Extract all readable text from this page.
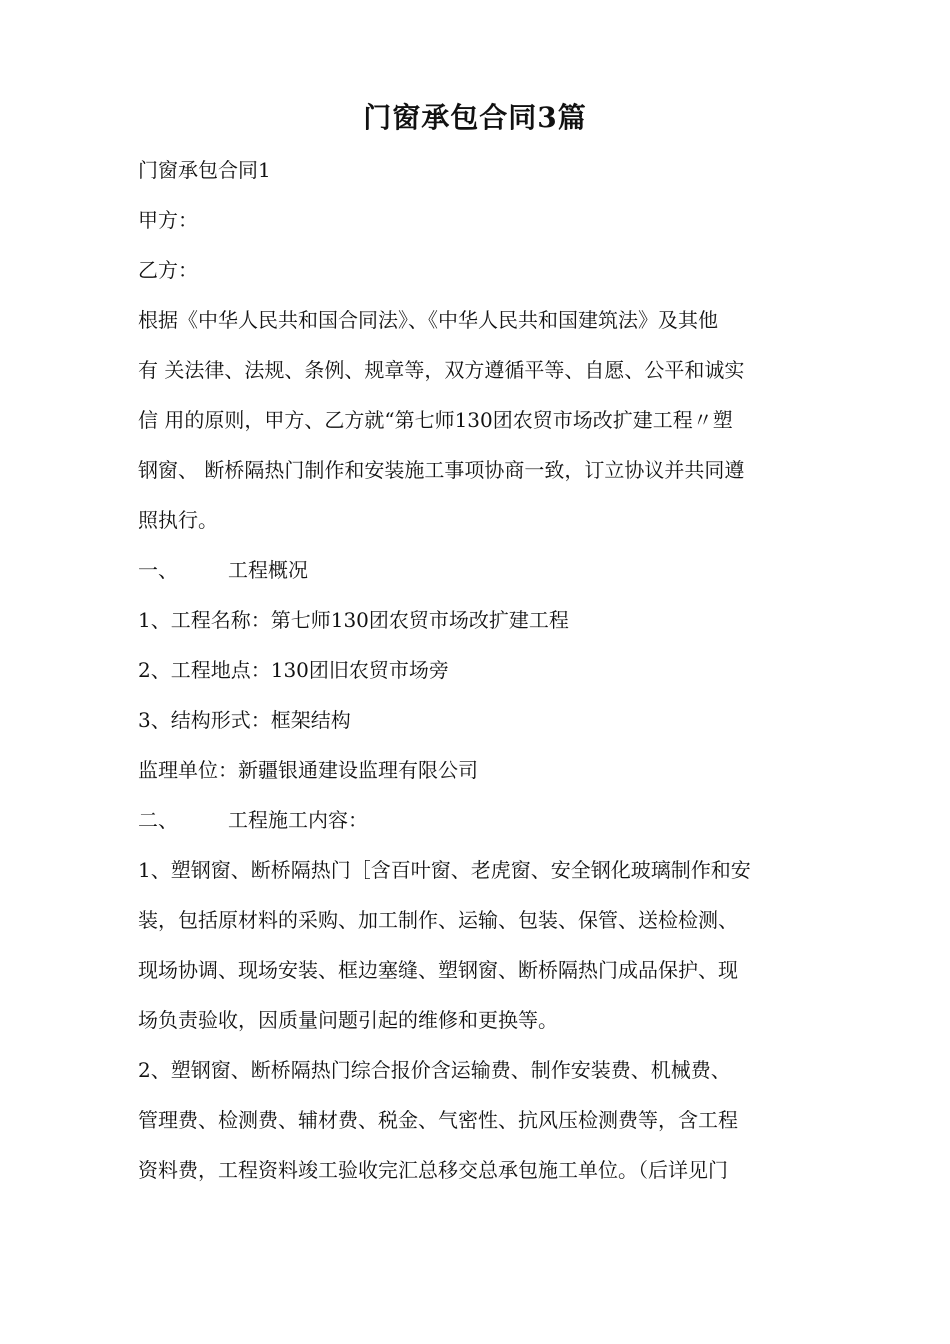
门窗承包合同3篇
门窗承包合同1
甲方：
乙方：
根据《中华人民共和国合同法》、《中华人民共和国建筑法》及其他
有 关法律、法规、条例、规章等，双方遵循平等、自愿、公平和诚实
信 用的原则，甲方、乙方就“第七师130团农贸市场改扩建工程〃塑
钢窗、 断桥隔热门制作和安装施工事项协商一致，订立协议并共同遵
照执行。
一、	工程概况
1、工程名称：第七师130团农贸市场改扩建工程
2、工程地点：130团旧农贸市场旁
3、结构形式：框架结构
监理单位：新疆银通建设监理有限公司
二、	工程施工内容：
1、塑钢窗、断桥隔热门［含百叶窗、老虎窗、安全钢化玻璃制作和安
装，包括原材料的采购、加工制作、运输、包装、保管、送检检测、
现场协调、现场安装、框边塞缝、塑钢窗、断桥隔热门成品保护、现
场负责验收，因质量问题引起的维修和更换等。
2、塑钢窗、断桥隔热门综合报价含运输费、制作安装费、机械费、
管理费、检测费、辅材费、税金、气密性、抗风压检测费等，含工程
资料费，工程资料竣工验收完汇总移交总承包施工单位。（后详见门
